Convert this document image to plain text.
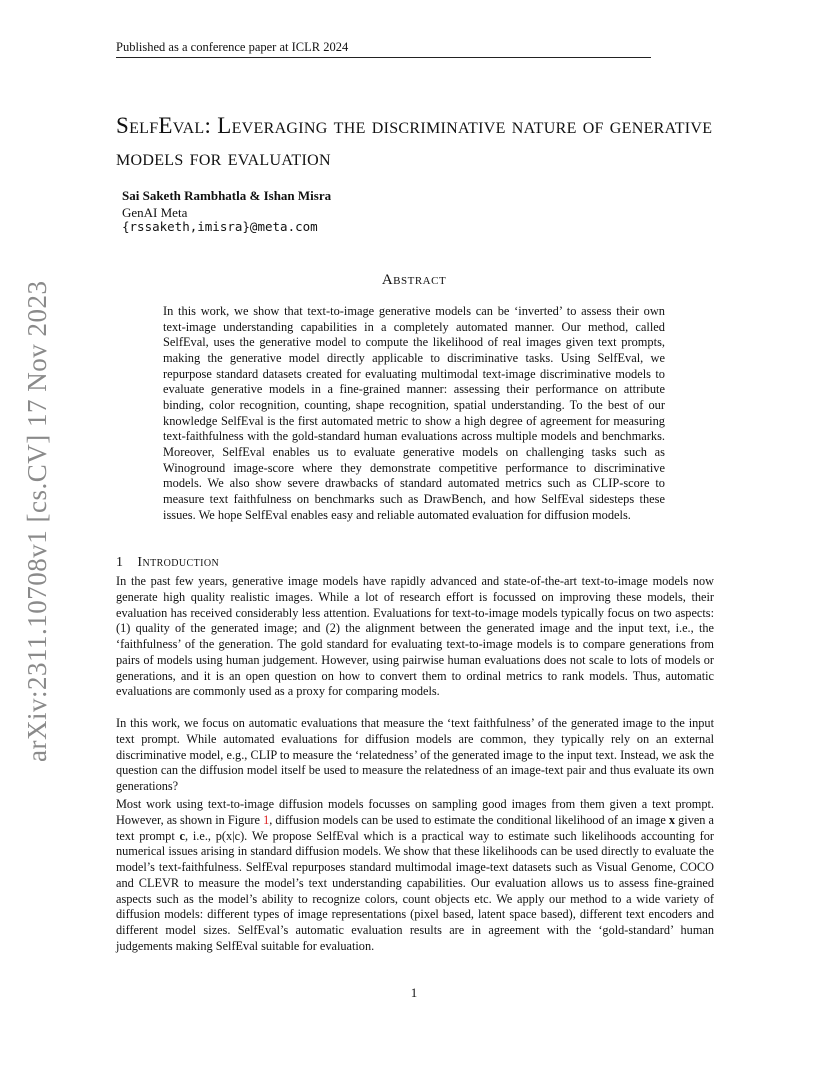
Published as a conference paper at ICLR 2024
arXiv:2311.10708v1 [cs.CV] 17 Nov 2023
SelfEval: Leveraging the discriminative nature of generative models for evaluation
Sai Saketh Rambhatla & Ishan Misra
GenAI Meta
{rssaketh,imisra}@meta.com
Abstract
In this work, we show that text-to-image generative models can be ‘inverted’ to assess their own text-image understanding capabilities in a completely automated manner. Our method, called SelfEval, uses the generative model to compute the likelihood of real images given text prompts, making the generative model directly applicable to discriminative tasks. Using SelfEval, we repurpose standard datasets created for evaluating multimodal text-image discriminative models to evaluate generative models in a fine-grained manner: assessing their performance on attribute binding, color recognition, counting, shape recognition, spatial understanding. To the best of our knowledge SelfEval is the first automated metric to show a high degree of agreement for measuring text-faithfulness with the gold-standard human evaluations across multiple models and benchmarks. Moreover, SelfEval enables us to evaluate generative models on challenging tasks such as Winoground image-score where they demonstrate competitive performance to discriminative models. We also show severe drawbacks of standard automated metrics such as CLIP-score to measure text faithfulness on benchmarks such as DrawBench, and how SelfEval sidesteps these issues. We hope SelfEval enables easy and reliable automated evaluation for diffusion models.
1 Introduction
In the past few years, generative image models have rapidly advanced and state-of-the-art text-to-image models now generate high quality realistic images. While a lot of research effort is focussed on improving these models, their evaluation has received considerably less attention. Evaluations for text-to-image models typically focus on two aspects: (1) quality of the generated image; and (2) the alignment between the generated image and the input text, i.e., the ‘faithfulness’ of the generation. The gold standard for evaluating text-to-image models is to compare generations from pairs of models using human judgement. However, using pairwise human evaluations does not scale to lots of models or generations, and it is an open question on how to convert them to ordinal metrics to rank models. Thus, automatic evaluations are commonly used as a proxy for comparing models.
In this work, we focus on automatic evaluations that measure the ‘text faithfulness’ of the generated image to the input text prompt. While automated evaluations for diffusion models are common, they typically rely on an external discriminative model, e.g., CLIP to measure the ‘relatedness’ of the generated image to the input text. Instead, we ask the question can the diffusion model itself be used to measure the relatedness of an image-text pair and thus evaluate its own generations?
Most work using text-to-image diffusion models focusses on sampling good images from them given a text prompt. However, as shown in Figure 1, diffusion models can be used to estimate the conditional likelihood of an image x given a text prompt c, i.e., p(x|c). We propose SelfEval which is a practical way to estimate such likelihoods accounting for numerical issues arising in standard diffusion models. We show that these likelihoods can be used directly to evaluate the model’s text-faithfulness. SelfEval repurposes standard multimodal image-text datasets such as Visual Genome, COCO and CLEVR to measure the model’s text understanding capabilities. Our evaluation allows us to assess fine-grained aspects such as the model’s ability to recognize colors, count objects etc. We apply our method to a wide variety of diffusion models: different types of image representations (pixel based, latent space based), different text encoders and different model sizes. SelfEval’s automatic evaluation results are in agreement with the ‘gold-standard’ human judgements making SelfEval suitable for evaluation.
1
